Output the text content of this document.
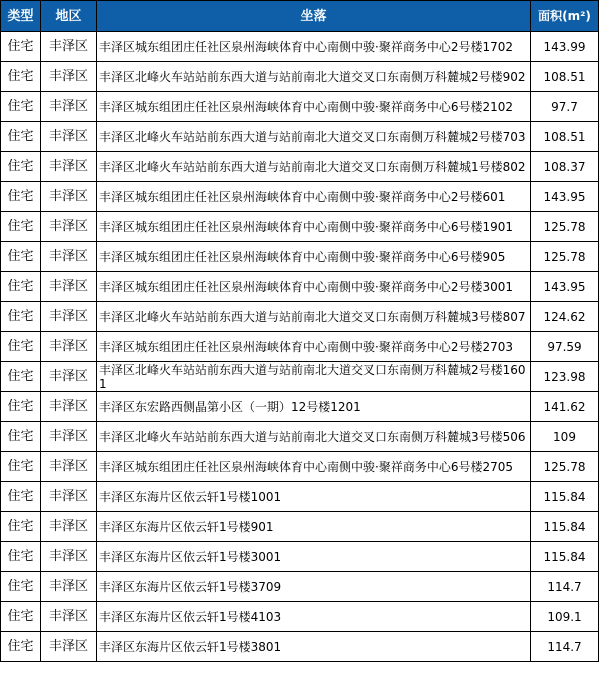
类型	地区	坐落	面积(m²)
住宅	丰泽区	丰泽区城东组团庄任社区泉州海峡体育中心南侧中骏·聚祥商务中心2号楼1702	143.99
住宅	丰泽区	丰泽区北峰火车站站前东西大道与站前南北大道交叉口东南侧万科麓城2号楼902	108.51
住宅	丰泽区	丰泽区城东组团庄任社区泉州海峡体育中心南侧中骏·聚祥商务中心6号楼2102	97.7
住宅	丰泽区	丰泽区北峰火车站站前东西大道与站前南北大道交叉口东南侧万科麓城2号楼703	108.51
住宅	丰泽区	丰泽区北峰火车站站前东西大道与站前南北大道交叉口东南侧万科麓城1号楼802	108.37
住宅	丰泽区	丰泽区城东组团庄任社区泉州海峡体育中心南侧中骏·聚祥商务中心2号楼601	143.95
住宅	丰泽区	丰泽区城东组团庄任社区泉州海峡体育中心南侧中骏·聚祥商务中心6号楼1901	125.78
住宅	丰泽区	丰泽区城东组团庄任社区泉州海峡体育中心南侧中骏·聚祥商务中心6号楼905	125.78
住宅	丰泽区	丰泽区城东组团庄任社区泉州海峡体育中心南侧中骏·聚祥商务中心2号楼3001	143.95
住宅	丰泽区	丰泽区北峰火车站站前东西大道与站前南北大道交叉口东南侧万科麓城3号楼807	124.62
住宅	丰泽区	丰泽区城东组团庄任社区泉州海峡体育中心南侧中骏·聚祥商务中心2号楼2703	97.59
住宅	丰泽区	丰泽区北峰火车站站前东西大道与站前南北大道交叉口东南侧万科麓城2号楼1601	123.98
住宅	丰泽区	丰泽区东宏路西侧晶第小区（一期）12号楼1201	141.62
住宅	丰泽区	丰泽区北峰火车站站前东西大道与站前南北大道交叉口东南侧万科麓城3号楼506	109
住宅	丰泽区	丰泽区城东组团庄任社区泉州海峡体育中心南侧中骏·聚祥商务中心6号楼2705	125.78
住宅	丰泽区	丰泽区东海片区依云轩1号楼1001	115.84
住宅	丰泽区	丰泽区东海片区依云轩1号楼901	115.84
住宅	丰泽区	丰泽区东海片区依云轩1号楼3001	115.84
住宅	丰泽区	丰泽区东海片区依云轩1号楼3709	114.7
住宅	丰泽区	丰泽区东海片区依云轩1号楼4103	109.1
住宅	丰泽区	丰泽区东海片区依云轩1号楼3801	114.7
